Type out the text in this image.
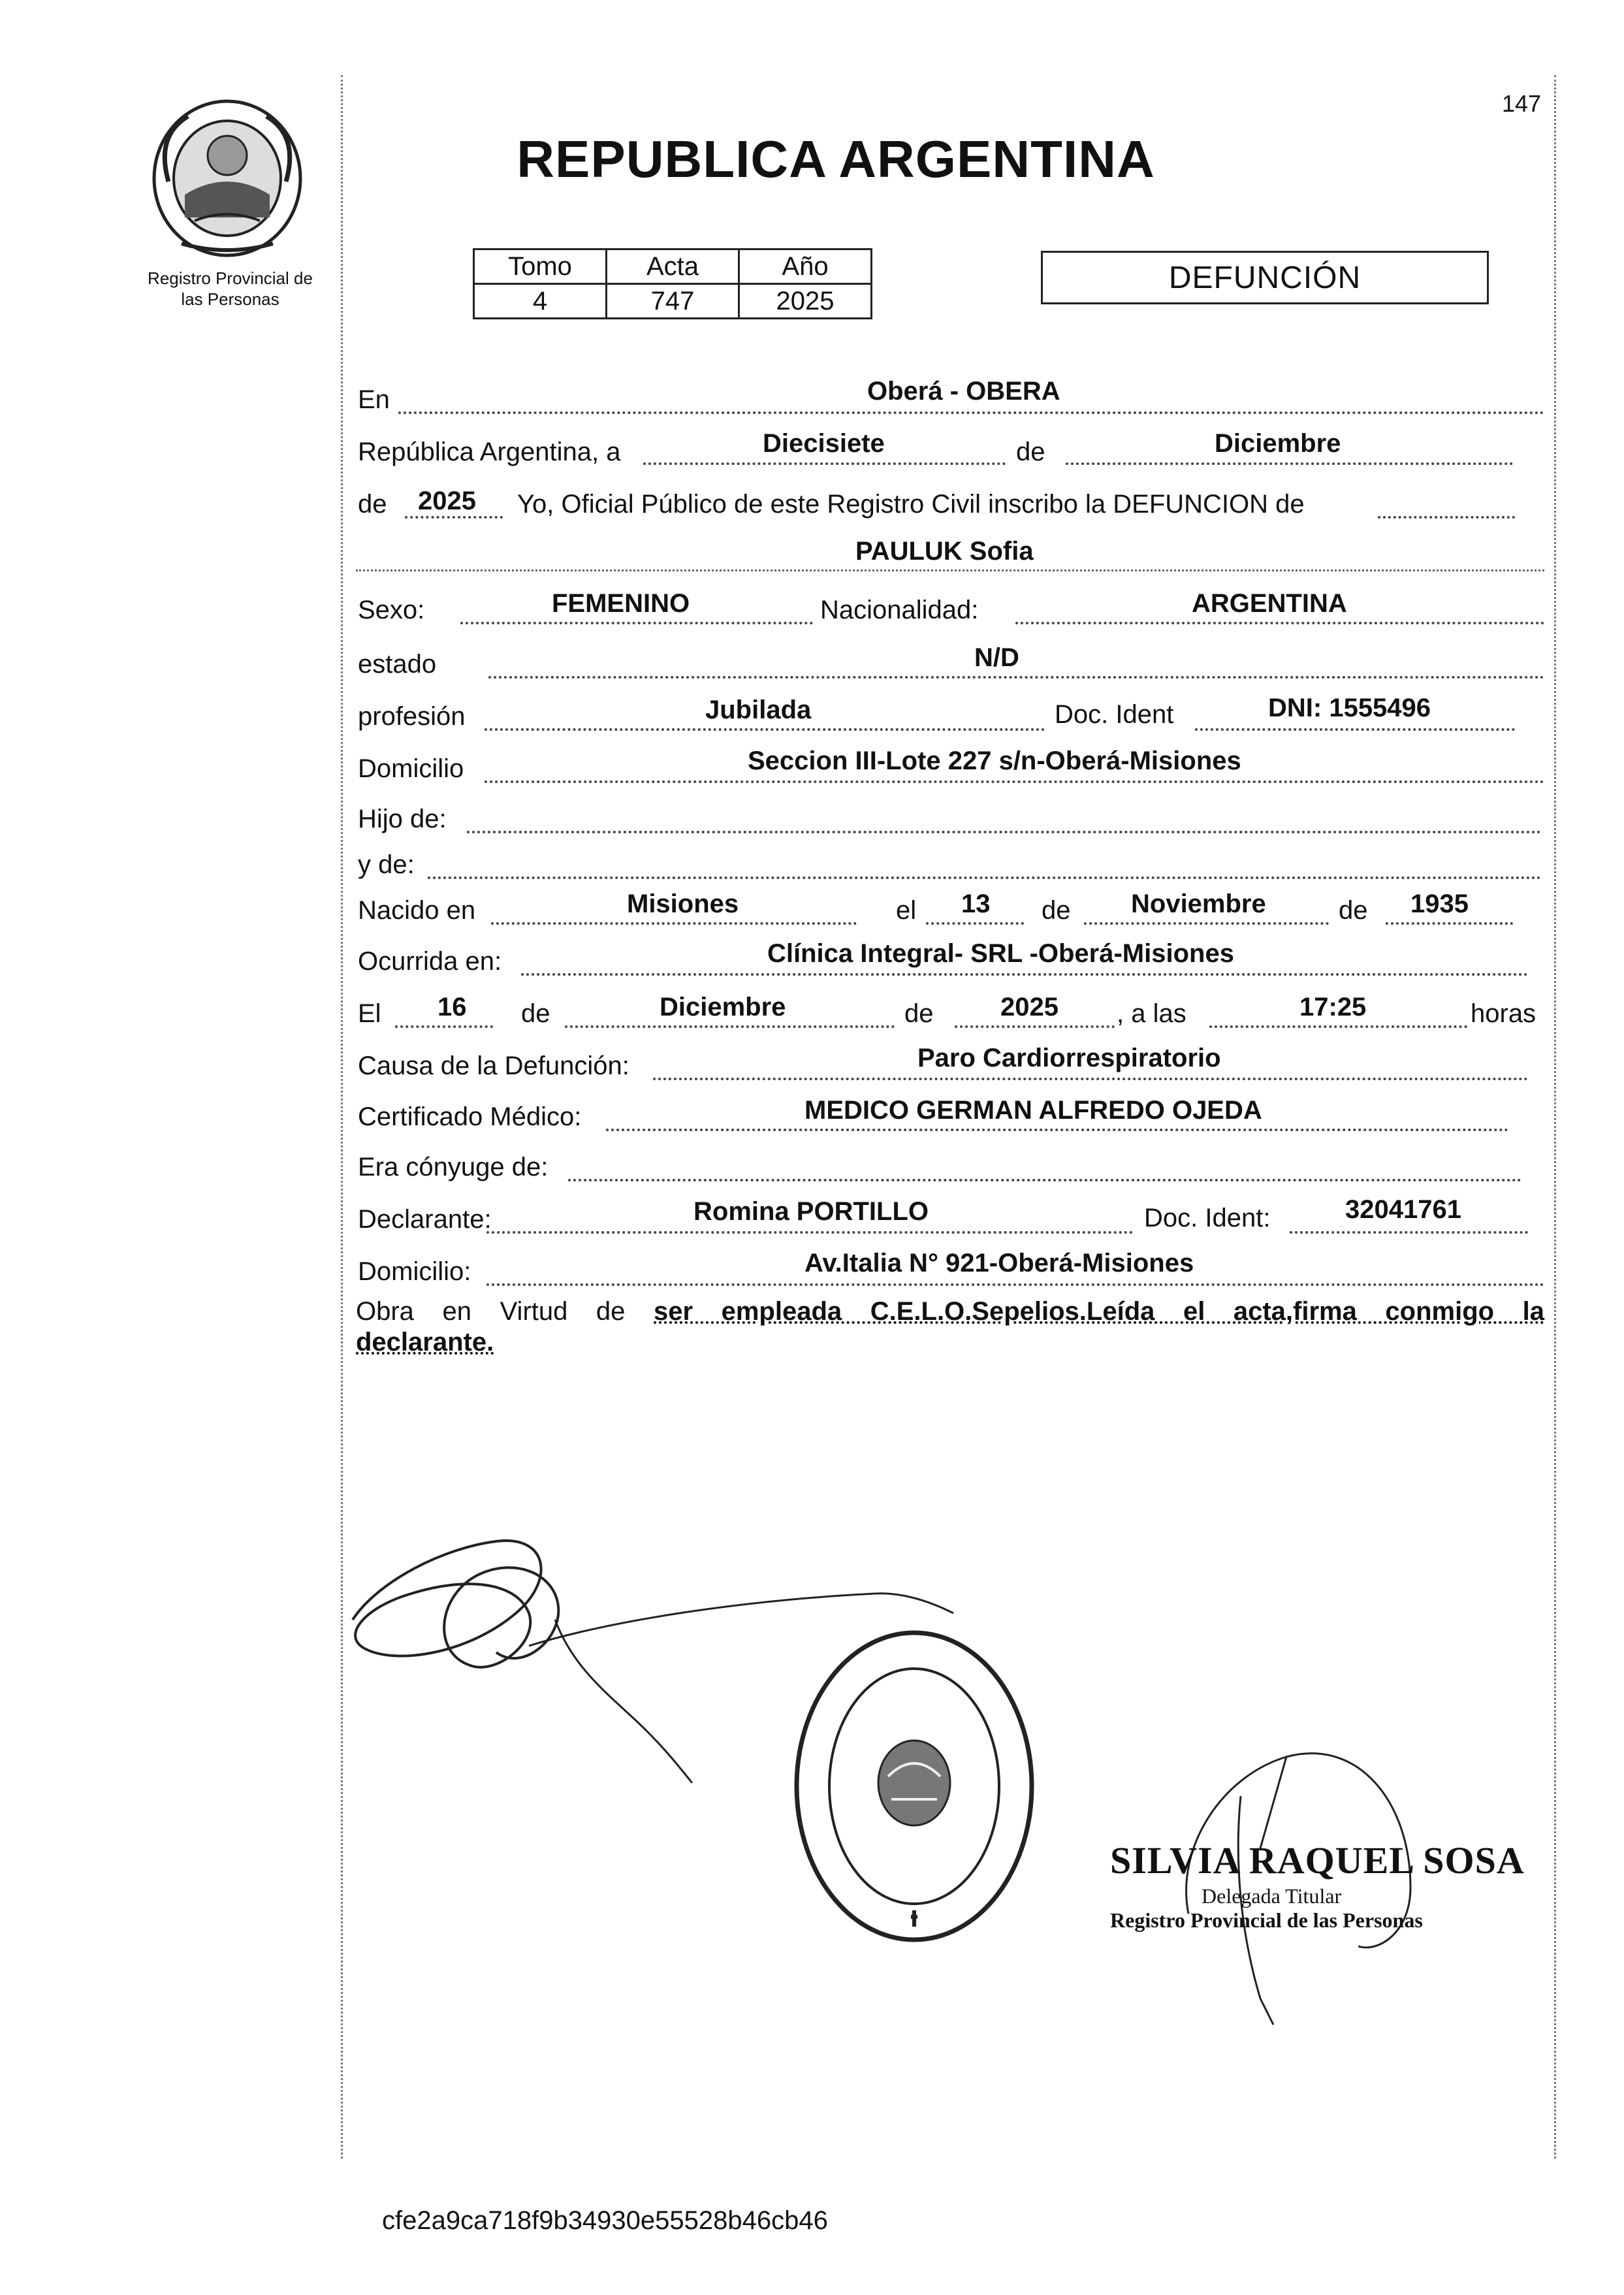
147
Registro Provincial de
las Personas
REPUBLICA ARGENTINA
Tomo	Acta	Año
4	747	2025
DEFUNCIÓN
En	Oberá - OBERA
República Argentina, a	Diecisiete	de	Diciembre
de 2025 Yo, Oficial Público de este Registro Civil inscribo la DEFUNCION de
PAULUK Sofia
Sexo:	FEMENINO	Nacionalidad:	ARGENTINA
estado	N/D
profesión	Jubilada	Doc. Ident	DNI: 1555496
Domicilio	Seccion III-Lote 227 s/n-Oberá-Misiones
Hijo de:
y de:
Nacido en	Misiones	el 13 de Noviembre	de 1935
Ocurrida en:	Clínica Integral- SRL -Oberá-Misiones
El 16 de	Diciembre	de	2025 , a las	17:25	horas
Causa de la Defunción:	Paro Cardiorrespiratorio
Certificado Médico:	MEDICO GERMAN ALFREDO OJEDA
Era cónyuge de:
Declarante:	Romina PORTILLO	Doc. Ident:	32041761
Domicilio:	Av.Italia N° 921-Oberá-Misiones
Obra en Virtud de ser empleada C.E.L.O.Sepelios.Leída el acta,firma conmigo la
declarante.
SILVIA RAQUEL SOSA
Delegada Titular
Registro Provincial de las Personas
cfe2a9ca718f9b34930e55528b46cb46
